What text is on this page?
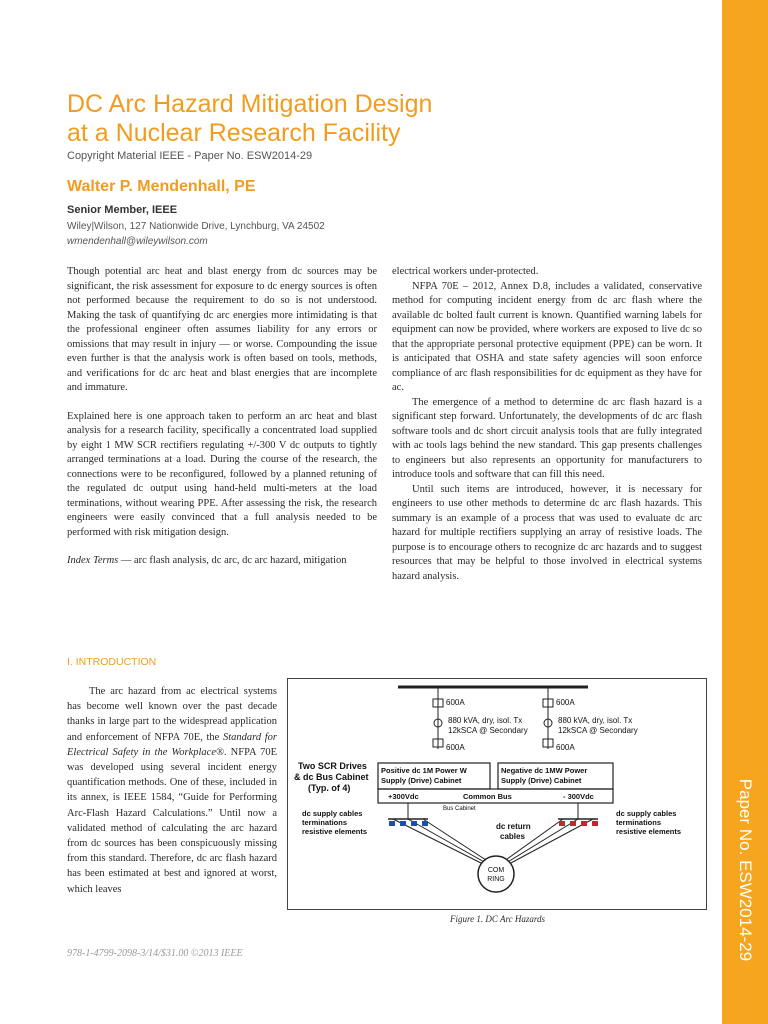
Paper No. ESW2014-29
DC Arc Hazard Mitigation Design
at a Nuclear Research Facility
Copyright Material IEEE - Paper No. ESW2014-29
Walter P. Mendenhall, PE
Senior Member, IEEE
Wiley|Wilson, 127 Nationwide Drive, Lynchburg, VA 24502
wmendenhall@wileywilson.com

Though potential arc heat and blast energy from dc sources may be significant, the risk assessment for exposure to dc energy sources is often not performed because the requirement to do so is not understood. Making the task of quantifying dc arc energies more intimidating is that the professional engineer often assumes liability for any errors or omissions that may result in injury — or worse. Compounding the issue even further is that the analysis work is often based on tools, methods, and verifications for dc arc heat and blast energies that are incomplete and immature.

Explained here is one approach taken to perform an arc heat and blast analysis for a research facility, specifically a concentrated load supplied by eight 1 MW SCR rectifiers regulating +/-300 V dc outputs to tightly arranged terminations at a load. During the course of the research, the connections were to be reconfigured, followed by a planned retuning of the regulated dc output using hand-held multi-meters at the load terminations, without wearing PPE. After assessing the risk, the research engineers were easily convinced that a full analysis needed to be performed with risk mitigation design.

Index Terms — arc flash analysis, dc arc, dc arc hazard, mitigation

electrical workers under-protected.

NFPA 70E – 2012, Annex D.8, includes a validated, conservative method for computing incident energy from dc arc flash where the available dc bolted fault current is known. Quantified warning labels for equipment can now be provided, where workers are exposed to live dc so that the appropriate personal protective equipment (PPE) can be worn. It is anticipated that OSHA and state safety agencies will soon enforce compliance of arc flash responsibilities for dc equipment as they have for ac.

The emergence of a method to determine dc arc flash hazard is a significant step forward. Unfortunately, the developments of dc arc flash software tools and dc short circuit analysis tools that are fully integrated with ac tools lags behind the new standard. This gap presents challenges to engineers but also represents an opportunity for manufacturers to introduce tools and software that can fill this need.

Until such items are introduced, however, it is necessary for engineers to use other methods to determine dc arc flash hazards. This summary is an example of a process that was used to evaluate dc arc hazard for multiple rectifiers supplying an array of resistive loads. The purpose is to encourage others to recognize dc arc hazards and to suggest resources that may be helpful to those involved in electrical systems hazard analysis.

I. INTRODUCTION

The arc hazard from ac electrical systems has become well known over the past decade thanks in large part to the widespread application and enforcement of NFPA 70E, the Standard for Electrical Safety in the Workplace®. NFPA 70E was developed using several incident energy quantification methods. One of these, included in its annex, is IEEE 1584, “Guide for Performing Arc-Flash Hazard Calculations.” Until now a validated method of calculating the arc hazard from dc sources has been conspicuously missing from this standard. Therefore, dc arc flash hazard has been estimated at best and ignored at worst, which leaves

600A
600A
600A
600A
880 kVA, dry, isol. Tx
12kSCA @ Secondary
880 kVA, dry, isol. Tx
12kSCA @ Secondary
Two SCR Drives
& dc Bus Cabinet
(Typ. of 4)
Positive dc 1M Power W
Supply (Drive) Cabinet
Negative dc 1MW Power
Supply (Drive) Cabinet
+300Vdc	Common Bus	- 300Vdc
Bus Cabinet
dc supply cables
terminations
resistive elements
dc supply cables
terminations
resistive elements
dc return
cables
COM
RING
Figure 1. DC Arc Hazards
978-1-4799-2098-3/14/$31.00 ©2013 IEEE
